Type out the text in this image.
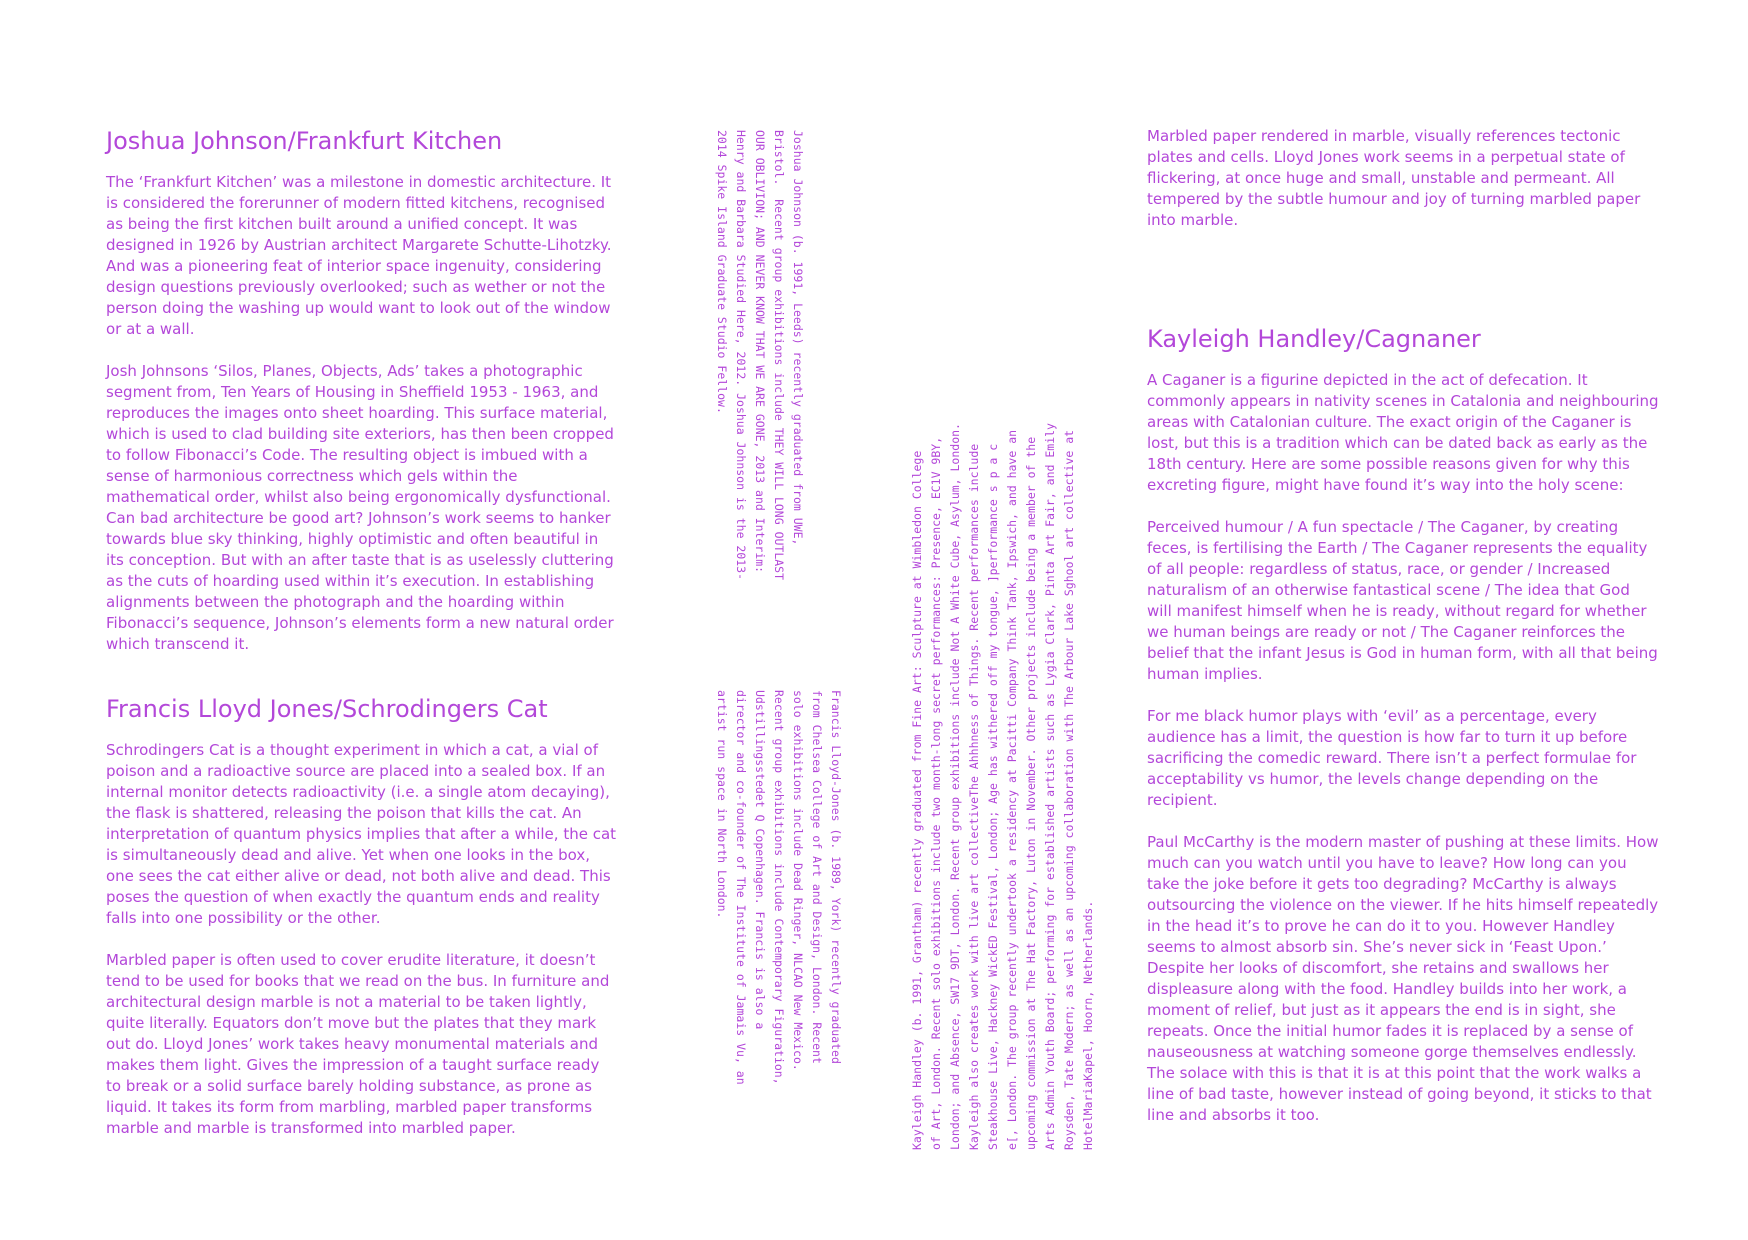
Joshua Johnson/Frankfurt Kitchen

The ‘Frankfurt Kitchen’ was a milestone in domestic architecture. It is considered the forerunner of modern fitted kitchens, recognised as being the first kitchen built around a unified concept. It was designed in 1926 by Austrian architect Margarete Schutte-Lihotzky. And was a pioneering feat of interior space ingenuity, considering design questions previously overlooked; such as wether or not the person doing the washing up would want to look out of the window or at a wall.

Josh Johnsons ‘Silos, Planes, Objects, Ads’ takes a photographic segment from, Ten Years of Housing in Sheffield 1953 - 1963, and reproduces the images onto sheet hoarding. This surface material, which is used to clad building site exteriors, has then been cropped to follow Fibonacci’s Code. The resulting object is imbued with a sense of harmonious correctness which gels within the mathematical order, whilst also being ergonomically dysfunctional. Can bad architecture be good art? Johnson’s work seems to hanker towards blue sky thinking, highly optimistic and often beautiful in its conception. But with an after taste that is as uselessly cluttering as the cuts of hoarding used within it’s execution. In establishing alignments between the photograph and the hoarding within Fibonacci’s sequence, Johnson’s elements form a new natural order which transcend it.

Francis Lloyd Jones/Schrodingers Cat

Schrodingers Cat is a thought experiment in which a cat, a vial of poison and a radioactive source are placed into a sealed box. If an internal monitor detects radioactivity (i.e. a single atom decaying), the flask is shattered, releasing the poison that kills the cat. An interpretation of quantum physics implies that after a while, the cat is simultaneously dead and alive. Yet when one looks in the box, one sees the cat either alive or dead, not both alive and dead. This poses the question of when exactly the quantum ends and reality falls into one possibility or the other.

Marbled paper is often used to cover erudite literature, it doesn’t tend to be used for books that we read on the bus. In furniture and architectural design marble is not a material to be taken lightly, quite literally. Equators don’t move but the plates that they mark out do. Lloyd Jones’ work takes heavy monumental materials and makes them light. Gives the impression of a taught surface ready to break or a solid surface barely holding substance, as prone as liquid. It takes its form from marbling, marbled paper transforms marble and marble is transformed into marbled paper.

Joshua Johnson (b. 1991, Leeds) recently graduated from UWE,
Bristol.  Recent group exhibitions include THEY WILL LONG OUTLAST
OUR OBLIVION; AND NEVER KNOW THAT WE ARE GONE, 2013 and Interim:
Henry and Barbara Studied Here, 2012. Joshua Johnson is the 2013-
2014 Spike Island Graduate Studio Fellow.
Francis Lloyd-Jones (b. 1989, York) recently graduated
from Chelsea College of Art and Design, London. Recent
solo exhibitions include Dead Ringer, NLCAO New Mexico.
Recent group exhibitions include Contemporary Figuration,
Udstillingsstedet Q Copenhagen. Francis is also a
director and co-founder of The Institute of Jamais Vu, an
artist run space in North London.
Kayleigh Handley (b. 1991, Grantham) recently graduated from Fine Art: Sculpture at Wimbledon College
of Art, London. Recent solo exhibitions include two month-long secret performances: Presence, EC1V 9BY,
London; and Absence, SW17 9DT, London. Recent group exhibitions include Not A White Cube, Asylum, London.
Kayleigh also creates work with live art collectiveThe Ahhhness of Things. Recent performances include
Steakhouse Live, Hackney WickED Festival, London; Age has withered off my tongue, ]performance s p a c
e[, London. The group recently undertook a residency at Pacitti Company Think Tank, Ipswich, and have an
upcoming commission at The Hat Factory, Luton in November. Other projects include being a member of the
Arts Admin Youth Board; performing for established artists such as Lygia Clark, Pinta Art Fair, and Emily
Roysden, Tate Modern; as well as an upcoming collaboration with The Arbour Lake Sghool art collective at
HotelMariaKapel, Hoorn, Netherlands.

Marbled paper rendered in marble, visually references tectonic plates and cells. Lloyd Jones work seems in a perpetual state of flickering, at once huge and small, unstable and permeant. All tempered by the subtle humour and joy of turning marbled paper into marble.

Kayleigh Handley/Cagnaner

A Caganer is a figurine depicted in the act of defecation. It commonly appears in nativity scenes in Catalonia and neighbouring areas with Catalonian culture. The exact origin of the Caganer is lost, but this is a tradition which can be dated back as early as the 18th century. Here are some possible reasons given for why this excreting figure, might have found it’s way into the holy scene:

Perceived humour / A fun spectacle / The Caganer, by creating feces, is fertilising the Earth / The Caganer represents the equality of all people: regardless of status, race, or gender / Increased naturalism of an otherwise fantastical scene / The idea that God will manifest himself when he is ready, without regard for whether we human beings are ready or not / The Caganer reinforces the belief that the infant Jesus is God in human form, with all that being human implies.

For me black humor plays with ‘evil’ as a percentage, every audience has a limit, the question is how far to turn it up before sacrificing the comedic reward. There isn’t a perfect formulae for acceptability vs humor, the levels change depending on the recipient.

Paul McCarthy is the modern master of pushing at these limits. How much can you watch until you have to leave? How long can you take the joke before it gets too degrading? McCarthy is always outsourcing the violence on the viewer. If he hits himself repeatedly in the head it’s to prove he can do it to you. However Handley seems to almost absorb sin. She’s never sick in ‘Feast Upon.’ Despite her looks of discomfort, she retains and swallows her displeasure along with the food. Handley builds into her work, a moment of relief, but just as it appears the end is in sight, she repeats. Once the initial humor fades it is replaced by a sense of nauseousness at watching someone gorge themselves endlessly. The solace with this is that it is at this point that the work walks a line of bad taste, however instead of going beyond, it sticks to that line and absorbs it too.
